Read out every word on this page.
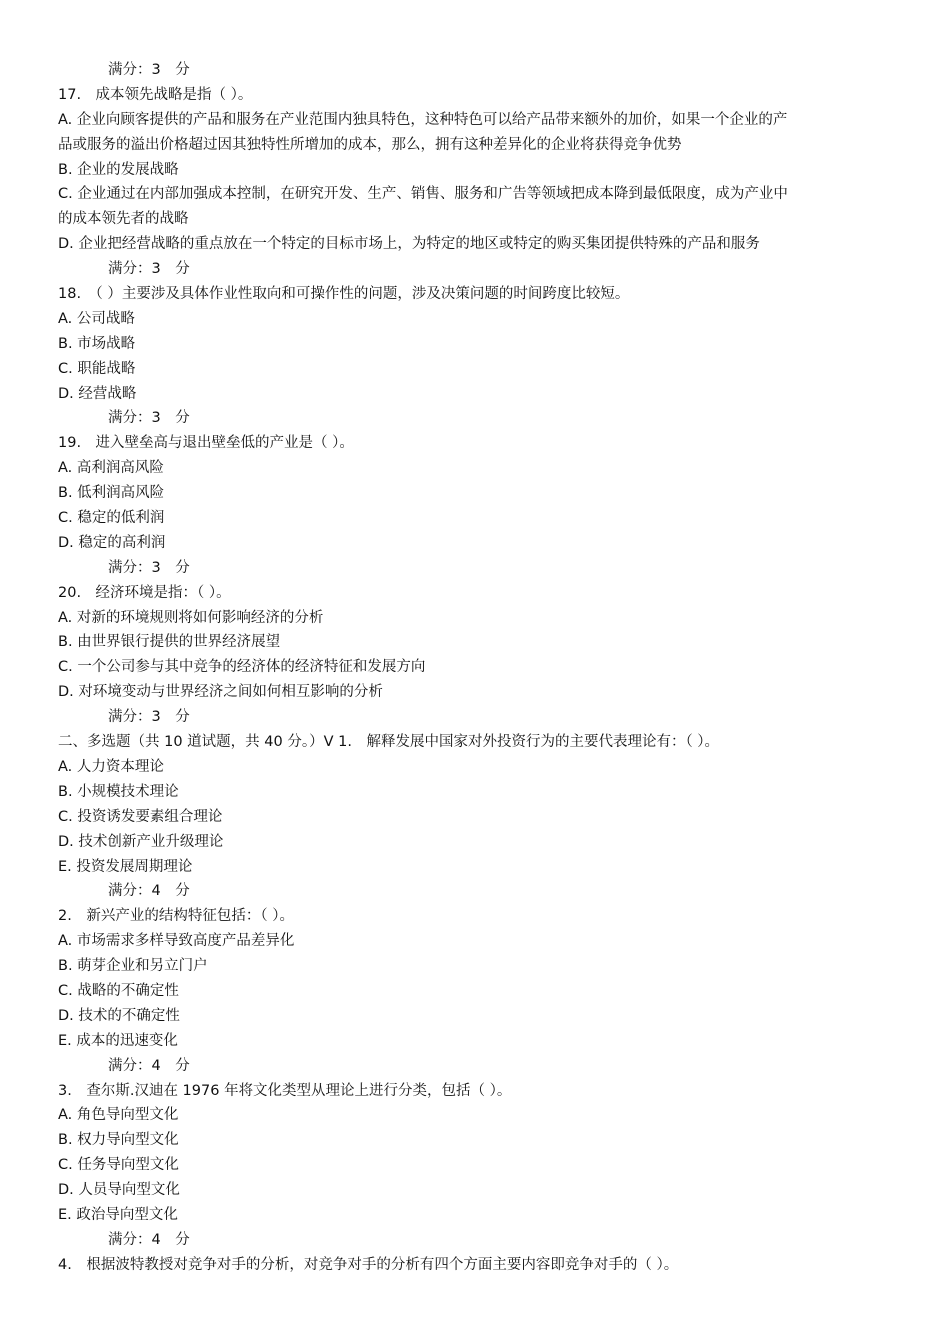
满分：3　分
17.　成本领先战略是指（ ）。
A. 企业向顾客提供的产品和服务在产业范围内独具特色，这种特色可以给产品带来额外的加价，如果一个企业的产
品或服务的溢出价格超过因其独特性所增加的成本，那么，拥有这种差异化的企业将获得竞争优势
B. 企业的发展战略
C. 企业通过在内部加强成本控制，在研究开发、生产、销售、服务和广告等领域把成本降到最低限度，成为产业中
的成本领先者的战略
D. 企业把经营战略的重点放在一个特定的目标市场上，为特定的地区或特定的购买集团提供特殊的产品和服务
满分：3　分
18.　（ ）主要涉及具体作业性取向和可操作性的问题，涉及决策问题的时间跨度比较短。
A. 公司战略
B. 市场战略
C. 职能战略
D. 经营战略
满分：3　分
19.　进入壁垒高与退出壁垒低的产业是（ ）。
A. 高利润高风险
B. 低利润高风险
C. 稳定的低利润
D. 稳定的高利润
满分：3　分
20.　经济环境是指：（ ）。
A. 对新的环境规则将如何影响经济的分析
B. 由世界银行提供的世界经济展望
C. 一个公司参与其中竞争的经济体的经济特征和发展方向
D. 对环境变动与世界经济之间如何相互影响的分析
满分：3　分
二、多选题（共 10 道试题，共 40 分。）V 1.　解释发展中国家对外投资行为的主要代表理论有：（ ）。
A. 人力资本理论
B. 小规模技术理论
C. 投资诱发要素组合理论
D. 技术创新产业升级理论
E. 投资发展周期理论
满分：4　分
2.　新兴产业的结构特征包括：（ ）。
A. 市场需求多样导致高度产品差异化
B. 萌芽企业和另立门户
C. 战略的不确定性
D. 技术的不确定性
E. 成本的迅速变化
满分：4　分
3.　查尔斯.汉迪在 1976 年将文化类型从理论上进行分类，包括（ ）。
A. 角色导向型文化
B. 权力导向型文化
C. 任务导向型文化
D. 人员导向型文化
E. 政治导向型文化
满分：4　分
4.　根据波特教授对竞争对手的分析，对竞争对手的分析有四个方面主要内容即竞争对手的（ ）。
